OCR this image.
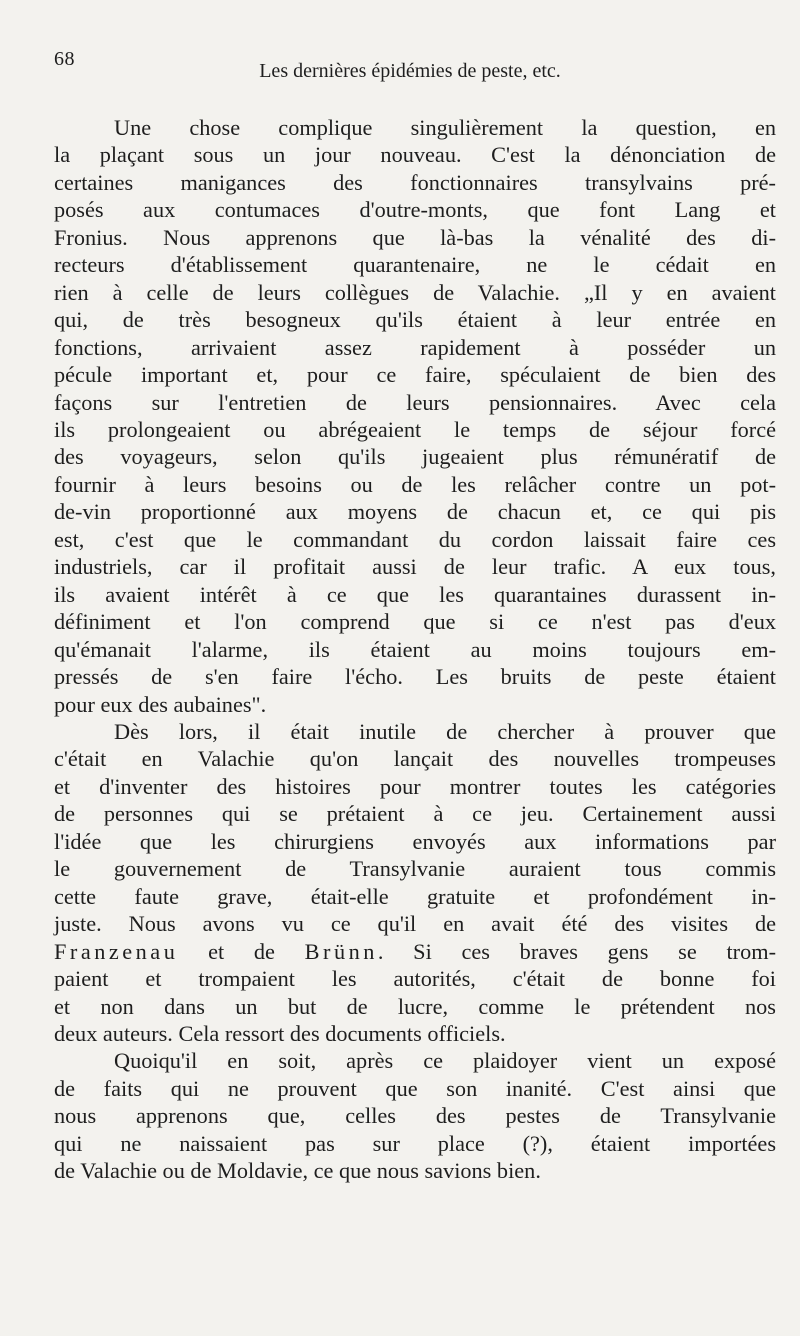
68
Les dernières épidémies de peste, etc.
Une chose complique singulièrement la question, en
la plaçant sous un jour nouveau. C'est la dénonciation de
certaines manigances des fonctionnaires transylvains pré-
posés aux contumaces d'outre-monts, que font Lang et
Fronius. Nous apprenons que là-bas la vénalité des di-
recteurs d'établissement quarantenaire, ne le cédait en
rien à celle de leurs collègues de Valachie. „Il y en avaient
qui, de très besogneux qu'ils étaient à leur entrée en
fonctions, arrivaient assez rapidement à posséder un
pécule important et, pour ce faire, spéculaient de bien des
façons sur l'entretien de leurs pensionnaires. Avec cela
ils prolongeaient ou abrégeaient le temps de séjour forcé
des voyageurs, selon qu'ils jugeaient plus rémunératif de
fournir à leurs besoins ou de les relâcher contre un pot-
de-vin proportionné aux moyens de chacun et, ce qui pis
est, c'est que le commandant du cordon laissait faire ces
industriels, car il profitait aussi de leur trafic. A eux tous,
ils avaient intérêt à ce que les quarantaines durassent in-
définiment et l'on comprend que si ce n'est pas d'eux
qu'émanait l'alarme, ils étaient au moins toujours em-
pressés de s'en faire l'écho. Les bruits de peste étaient
pour eux des aubaines".
Dès lors, il était inutile de chercher à prouver que
c'était en Valachie qu'on lançait des nouvelles trompeuses
et d'inventer des histoires pour montrer toutes les catégories
de personnes qui se prétaient à ce jeu. Certainement aussi
l'idée que les chirurgiens envoyés aux informations par
le gouvernement de Transylvanie auraient tous commis
cette faute grave, était-elle gratuite et profondément in-
juste. Nous avons vu ce qu'il en avait été des visites de
Franzenau et de Brünn. Si ces braves gens se trom-
paient et trompaient les autorités, c'était de bonne foi
et non dans un but de lucre, comme le prétendent nos
deux auteurs. Cela ressort des documents officiels.
Quoiqu'il en soit, après ce plaidoyer vient un exposé
de faits qui ne prouvent que son inanité. C'est ainsi que
nous apprenons que, celles des pestes de Transylvanie
qui ne naissaient pas sur place (?), étaient importées
de Valachie ou de Moldavie, ce que nous savions bien.
